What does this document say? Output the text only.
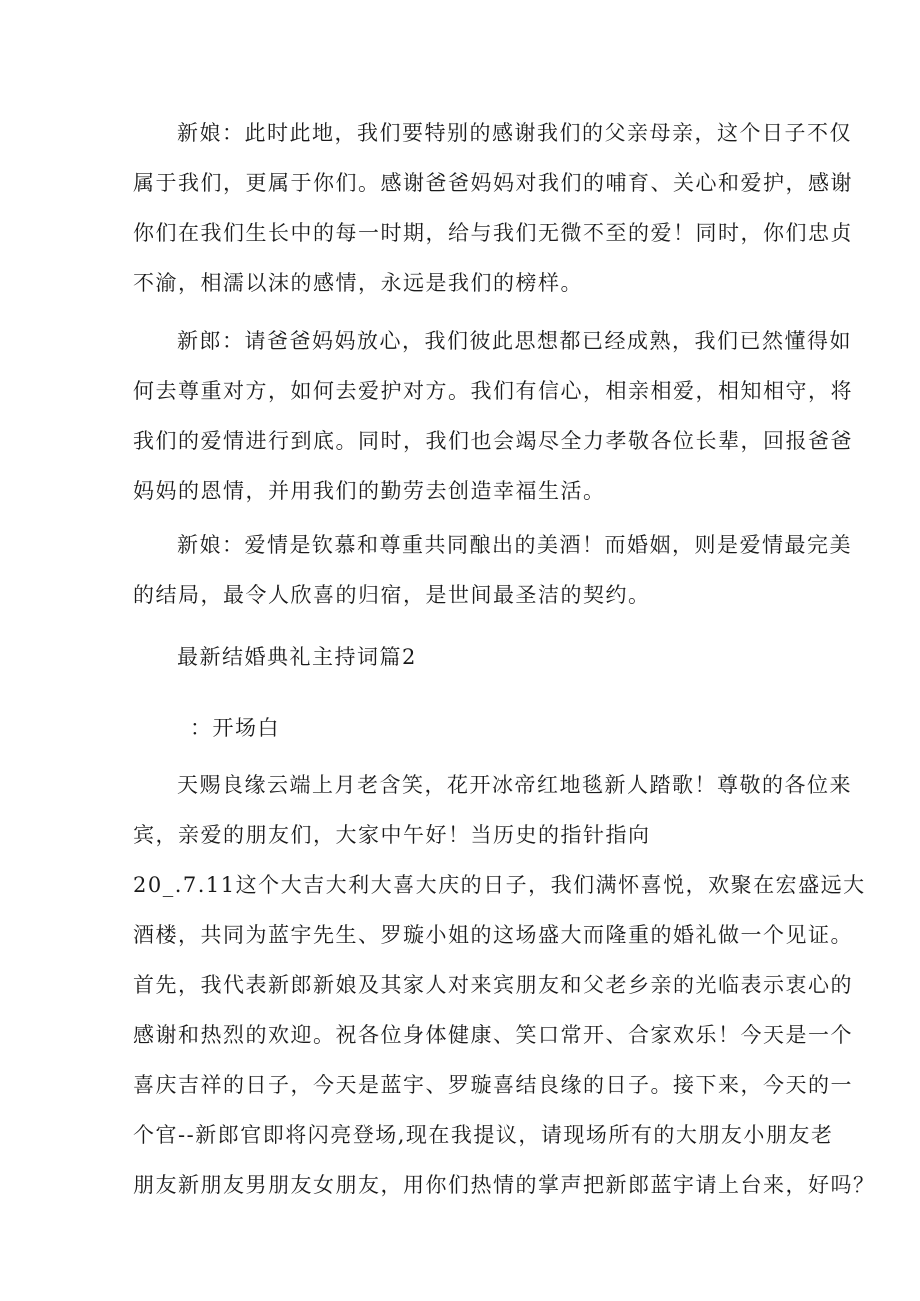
新娘：此时此地，我们要特别的感谢我们的父亲母亲，这个日子不仅
属于我们，更属于你们。感谢爸爸妈妈对我们的哺育、关心和爱护，感谢
你们在我们生长中的每一时期，给与我们无微不至的爱！同时，你们忠贞
不渝，相濡以沫的感情，永远是我们的榜样。
新郎：请爸爸妈妈放心，我们彼此思想都已经成熟，我们已然懂得如
何去尊重对方，如何去爱护对方。我们有信心，相亲相爱，相知相守，将
我们的爱情进行到底。同时，我们也会竭尽全力孝敬各位长辈，回报爸爸
妈妈的恩情，并用我们的勤劳去创造幸福生活。
新娘：爱情是钦慕和尊重共同酿出的美酒！而婚姻，则是爱情最完美
的结局，最令人欣喜的归宿，是世间最圣洁的契约。
最新结婚典礼主持词篇2
：开场白
天赐良缘云端上月老含笑，花开冰帝红地毯新人踏歌！尊敬的各位来
宾，亲爱的朋友们，大家中午好！当历史的指针指向
20_.7.11这个大吉大利大喜大庆的日子，我们满怀喜悦，欢聚在宏盛远大
酒楼，共同为蓝宇先生、罗璇小姐的这场盛大而隆重的婚礼做一个见证。
首先，我代表新郎新娘及其家人对来宾朋友和父老乡亲的光临表示衷心的
感谢和热烈的欢迎。祝各位身体健康、笑口常开、合家欢乐！今天是一个
喜庆吉祥的日子，今天是蓝宇、罗璇喜结良缘的日子。接下来，今天的一
个官--新郎官即将闪亮登场,现在我提议，请现场所有的大朋友小朋友老
朋友新朋友男朋友女朋友，用你们热情的掌声把新郎蓝宇请上台来，好吗？
